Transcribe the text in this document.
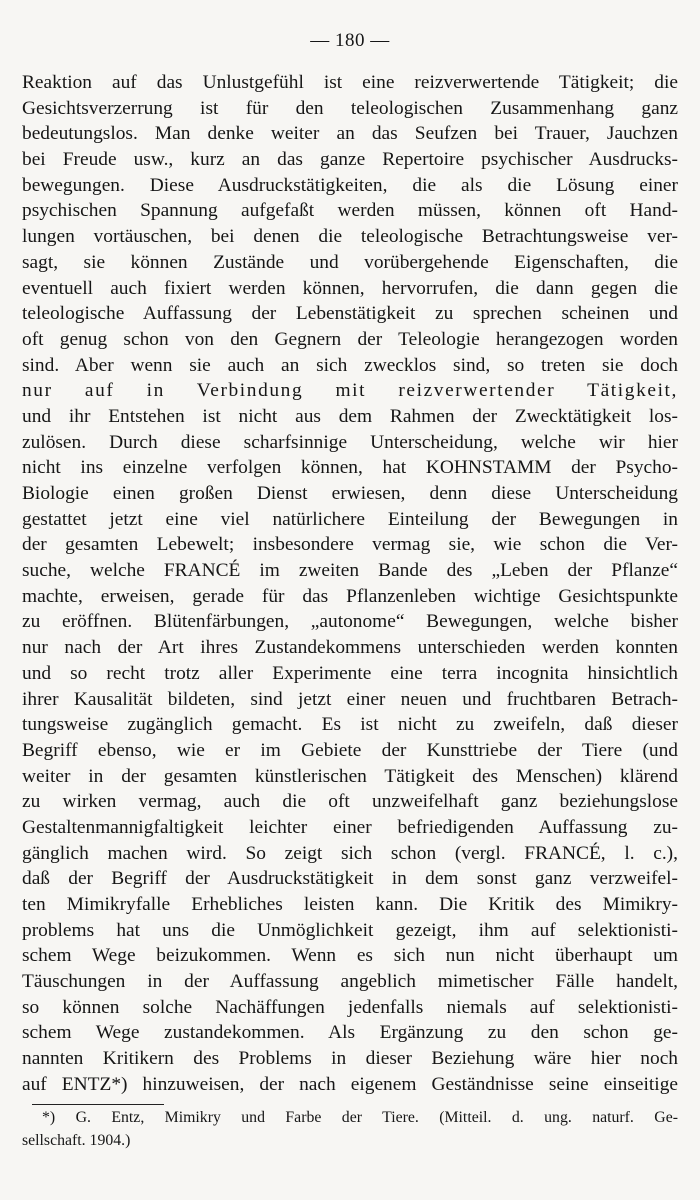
— 180 —
Reaktion auf das Unlustgefühl ist eine reizverwertende Tätigkeit; die
Gesichtsverzerrung ist für den teleologischen Zusammenhang ganz
bedeutungslos. Man denke weiter an das Seufzen bei Trauer, Jauchzen
bei Freude usw., kurz an das ganze Repertoire psychischer Ausdrucks-
bewegungen. Diese Ausdruckstätigkeiten, die als die Lösung einer
psychischen Spannung aufgefaßt werden müssen, können oft Hand-
lungen vortäuschen, bei denen die teleologische Betrachtungsweise ver-
sagt, sie können Zustände und vorübergehende Eigenschaften, die
eventuell auch fixiert werden können, hervorrufen, die dann gegen die
teleologische Auffassung der Lebenstätigkeit zu sprechen scheinen und
oft genug schon von den Gegnern der Teleologie herangezogen worden
sind. Aber wenn sie auch an sich zwecklos sind, so treten sie doch
nur auf in Verbindung mit reizverwertender Tätigkeit,
und ihr Entstehen ist nicht aus dem Rahmen der Zwecktätigkeit los-
zulösen. Durch diese scharfsinnige Unterscheidung, welche wir hier
nicht ins einzelne verfolgen können, hat KOHNSTAMM der Psycho-
Biologie einen großen Dienst erwiesen, denn diese Unterscheidung
gestattet jetzt eine viel natürlichere Einteilung der Bewegungen in
der gesamten Lebewelt; insbesondere vermag sie, wie schon die Ver-
suche, welche FRANCÉ im zweiten Bande des „Leben der Pflanze“
machte, erweisen, gerade für das Pflanzenleben wichtige Gesichtspunkte
zu eröffnen. Blütenfärbungen, „autonome“ Bewegungen, welche bisher
nur nach der Art ihres Zustandekommens unterschieden werden konnten
und so recht trotz aller Experimente eine terra incognita hinsichtlich
ihrer Kausalität bildeten, sind jetzt einer neuen und fruchtbaren Betrach-
tungsweise zugänglich gemacht. Es ist nicht zu zweifeln, daß dieser
Begriff ebenso, wie er im Gebiete der Kunsttriebe der Tiere (und
weiter in der gesamten künstlerischen Tätigkeit des Menschen) klärend
zu wirken vermag, auch die oft unzweifelhaft ganz beziehungslose
Gestaltenmannigfaltigkeit leichter einer befriedigenden Auffassung zu-
gänglich machen wird. So zeigt sich schon (vergl. FRANCÉ, l. c.),
daß der Begriff der Ausdruckstätigkeit in dem sonst ganz verzweifel-
ten Mimikryfalle Erhebliches leisten kann. Die Kritik des Mimikry-
problems hat uns die Unmöglichkeit gezeigt, ihm auf selektionisti-
schem Wege beizukommen. Wenn es sich nun nicht überhaupt um
Täuschungen in der Auffassung angeblich mimetischer Fälle handelt,
so können solche Nachäffungen jedenfalls niemals auf selektionisti-
schem Wege zustandekommen. Als Ergänzung zu den schon ge-
nannten Kritikern des Problems in dieser Beziehung wäre hier noch
auf ENTZ*) hinzuweisen, der nach eigenem Geständnisse seine einseitige
*) G. Entz, Mimikry und Farbe der Tiere. (Mitteil. d. ung. naturf. Ge-
sellschaft. 1904.)
